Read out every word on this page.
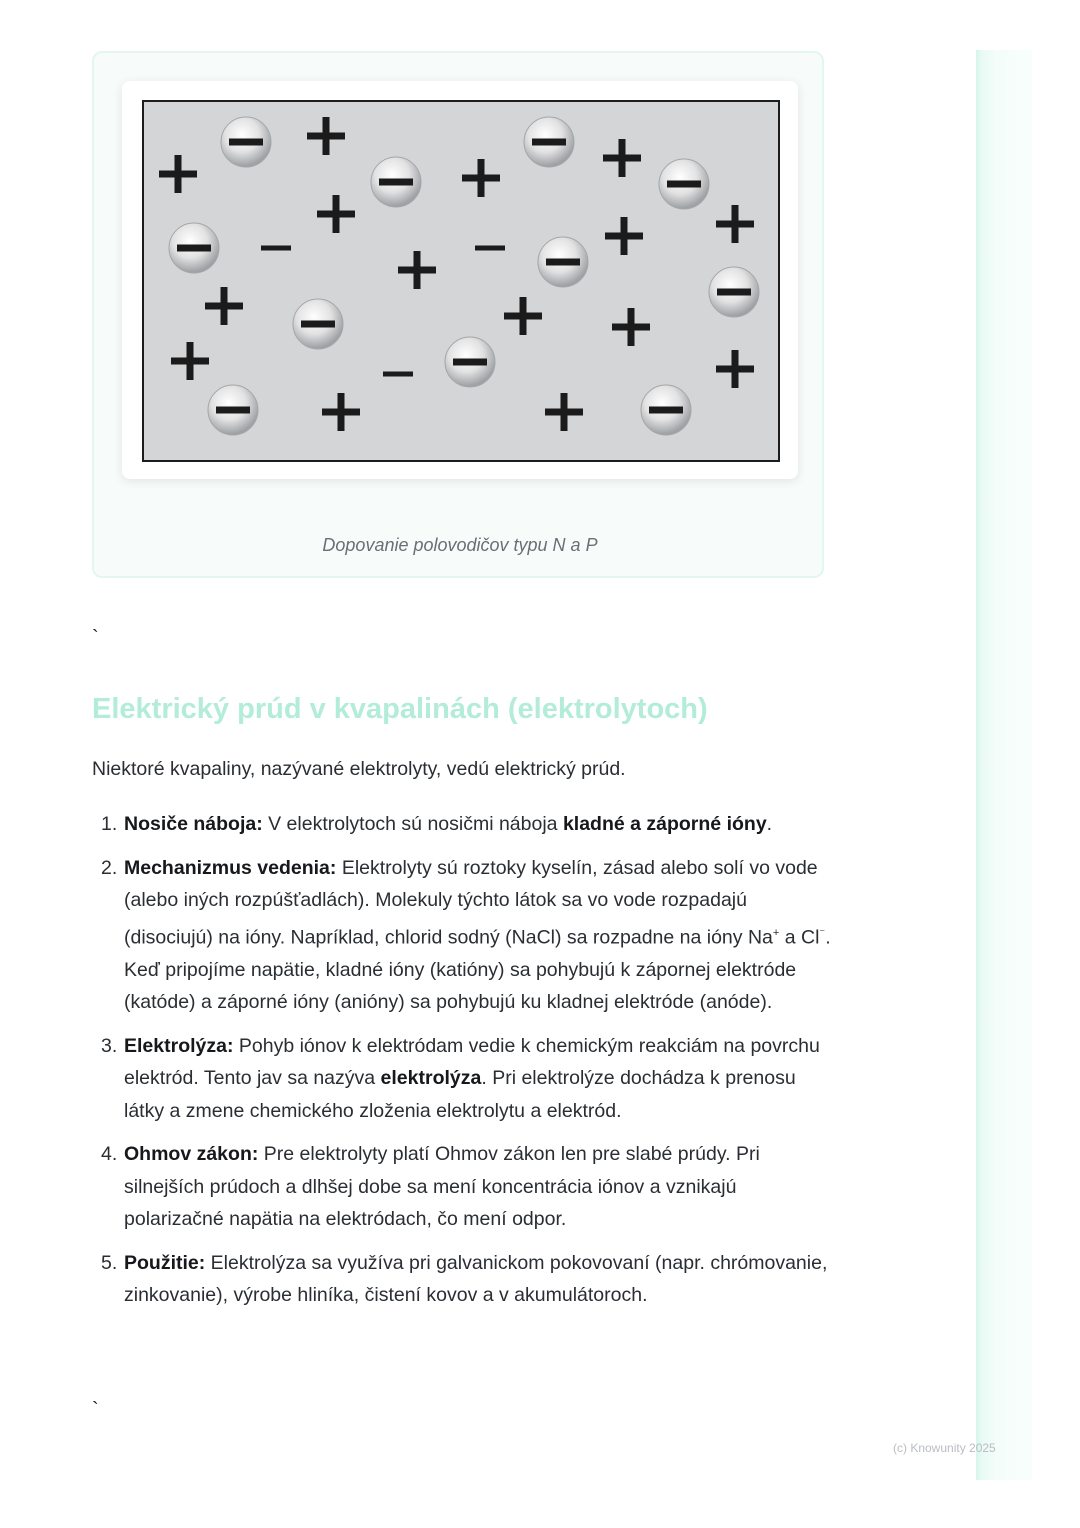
Dopovanie polovodičov typu N a P
`
Elektrický prúd v kvapalinách (elektrolytoch)

Niektoré kvapaliny, nazývané elektrolyty, vedú elektrický prúd.

1. Nosiče náboja: V elektrolytoch sú nosičmi náboja kladné a záporné ióny.
2. Mechanizmus vedenia: Elektrolyty sú roztoky kyselín, zásad alebo solí vo vode (alebo iných rozpúšťadlách). Molekuly týchto látok sa vo vode rozpadajú (disociujú) na ióny. Napríklad, chlorid sodný (NaCl) sa rozpadne na ióny Na+ a Cl⁻. Keď pripojíme napätie, kladné ióny (katióny) sa pohybujú k zápornej elektróde (katóde) a záporné ióny (anióny) sa pohybujú ku kladnej elektróde (anóde).
3. Elektrolýza: Pohyb iónov k elektródam vedie k chemickým reakciám na povrchu elektród. Tento jav sa nazýva elektrolýza. Pri elektrolýze dochádza k prenosu látky a zmene chemického zloženia elektrolytu a elektród.
4. Ohmov zákon: Pre elektrolyty platí Ohmov zákon len pre slabé prúdy. Pri silnejších prúdoch a dlhšej dobe sa mení koncentrácia iónov a vznikajú polarizačné napätia na elektródach, čo mení odpor.
5. Použitie: Elektrolýza sa využíva pri galvanickom pokovovaní (napr. chrómovanie, zinkovanie), výrobe hliníka, čistení kovov a v akumulátoroch.
`
(c) Knowunity 2025
